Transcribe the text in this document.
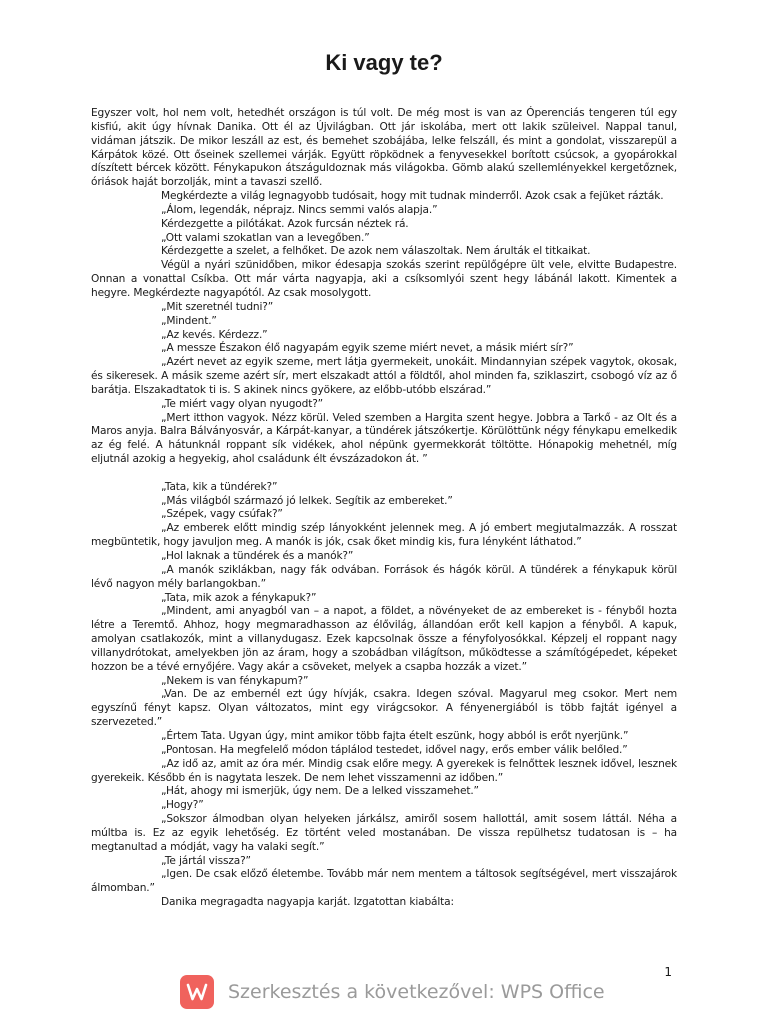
Ki vagy te?

Egyszer volt, hol nem volt, hetedhét országon is túl volt. De még most is van az Óperenciás tengeren túl egy kisfiú, akit úgy hívnak Danika. Ott él az Újvilágban. Ott jár iskolába, mert ott lakik szüleivel. Nappal tanul, vidáman játszik. De mikor leszáll az est, és bemehet szobájába, lelke felszáll, és mint a gondolat, visszarepül a Kárpátok közé. Ott őseinek szellemei várják. Együtt röpködnek a fenyvesekkel borított csúcsok, a gyopárokkal díszített bércek között. Fénykapukon átszáguldoznak más világokba. Gömb alakú szellemlényekkel kergetőznek, óriások haját borzolják, mint a tavaszi szellő.

Megkérdezte a világ legnagyobb tudósait, hogy mit tudnak minderről. Azok csak a fejüket rázták.

„Álom, legendák, néprajz. Nincs semmi valós alapja.”

Kérdezgette a pilótákat. Azok furcsán néztek rá.

„Ott valami szokatlan van a levegőben.”

Kérdezgette a szelet, a felhőket. De azok nem válaszoltak. Nem árulták el titkaikat.

Végül a nyári szünidőben, mikor édesapja szokás szerint repülőgépre ült vele, elvitte Budapestre. Onnan a vonattal Csíkba. Ott már várta nagyapja, aki a csíksomlyói szent hegy lábánál lakott. Kimentek a hegyre. Megkérdezte nagyapótól. Az csak mosolygott.

„Mit szeretnél tudni?”

„Mindent.”

„Az kevés. Kérdezz.”

„A messze Északon élő nagyapám egyik szeme miért nevet, a másik miért sír?”

„Azért nevet az egyik szeme, mert látja gyermekeit, unokáit. Mindannyian szépek vagytok, okosak, és sikeresek. A másik szeme azért sír, mert elszakadt attól a földtől, ahol minden fa, sziklaszirt, csobogó víz az ő barátja. Elszakadtatok ti is. S akinek nincs gyökere, az előbb-utóbb elszárad.”

„Te miért vagy olyan nyugodt?”

„Mert itthon vagyok. Nézz körül. Veled szemben a Hargita szent hegye. Jobbra a Tarkő - az Olt és a Maros anyja. Balra Bálványosvár, a Kárpát-kanyar, a tündérek játszókertje. Körülöttünk négy fénykapu emelkedik az ég felé. A hátunknál roppant sík vidékek, ahol népünk gyermekkorát töltötte. Hónapokig mehetnél, míg eljutnál azokig a hegyekig, ahol családunk élt évszázadokon át. ”

„Tata, kik a tündérek?”

„Más világból származó jó lelkek. Segítik az embereket.”

„Szépek, vagy csúfak?”

„Az emberek előtt mindig szép lányokként jelennek meg. A jó embert megjutalmazzák. A rosszat megbüntetik, hogy javuljon meg. A manók is jók, csak őket mindig kis, fura lényként láthatod.”

„Hol laknak a tündérek és a manók?”

„A manók sziklákban, nagy fák odvában. Források és hágók körül. A tündérek a fénykapuk körül lévő nagyon mély barlangokban.”

„Tata, mik azok a fénykapuk?”

„Mindent, ami anyagból van – a napot, a földet, a növényeket de az embereket is - fényből hozta létre a Teremtő. Ahhoz, hogy megmaradhasson az élővilág, állandóan erőt kell kapjon a fényből. A kapuk, amolyan csatlakozók, mint a villanydugasz. Ezek kapcsolnak össze a fényfolyosókkal. Képzelj el roppant nagy villanydrótokat, amelyekben jön az áram, hogy a szobádban világítson, működtesse a számítógépedet, képeket hozzon be a tévé ernyőjére. Vagy akár a csöveket, melyek a csapba hozzák a vizet.”

„Nekem is van fénykapum?”

„Van. De az embernél ezt úgy hívják, csakra. Idegen szóval. Magyarul meg csokor. Mert nem egyszínű fényt kapsz. Olyan változatos, mint egy virágcsokor. A fényenergiából is több fajtát igényel a szervezeted.”

„Értem Tata. Ugyan úgy, mint amikor több fajta ételt eszünk, hogy abból is erőt nyerjünk.”

„Pontosan. Ha megfelelő módon táplálod testedet, idővel nagy, erős ember válik belőled.”

„Az idő az, amit az óra mér. Mindig csak előre megy. A gyerekek is felnőttek lesznek idővel, lesznek gyerekeik. Később én is nagytata leszek. De nem lehet visszamenni az időben.”

„Hát, ahogy mi ismerjük, úgy nem. De a lelked visszamehet.”

„Hogy?”

„Sokszor álmodban olyan helyeken járkálsz, amiről sosem hallottál, amit sosem láttál. Néha a múltba is. Ez az egyik lehetőség. Ez történt veled mostanában. De vissza repülhetsz tudatosan is – ha megtanultad a módját, vagy ha valaki segít.”

„Te jártál vissza?”

„Igen. De csak előző életembe. Tovább már nem mentem a táltosok segítségével, mert visszajárok álmomban.”

Danika megragadta nagyapja karját. Izgatottan kiabálta:

1
Szerkesztés a következővel: WPS Office
